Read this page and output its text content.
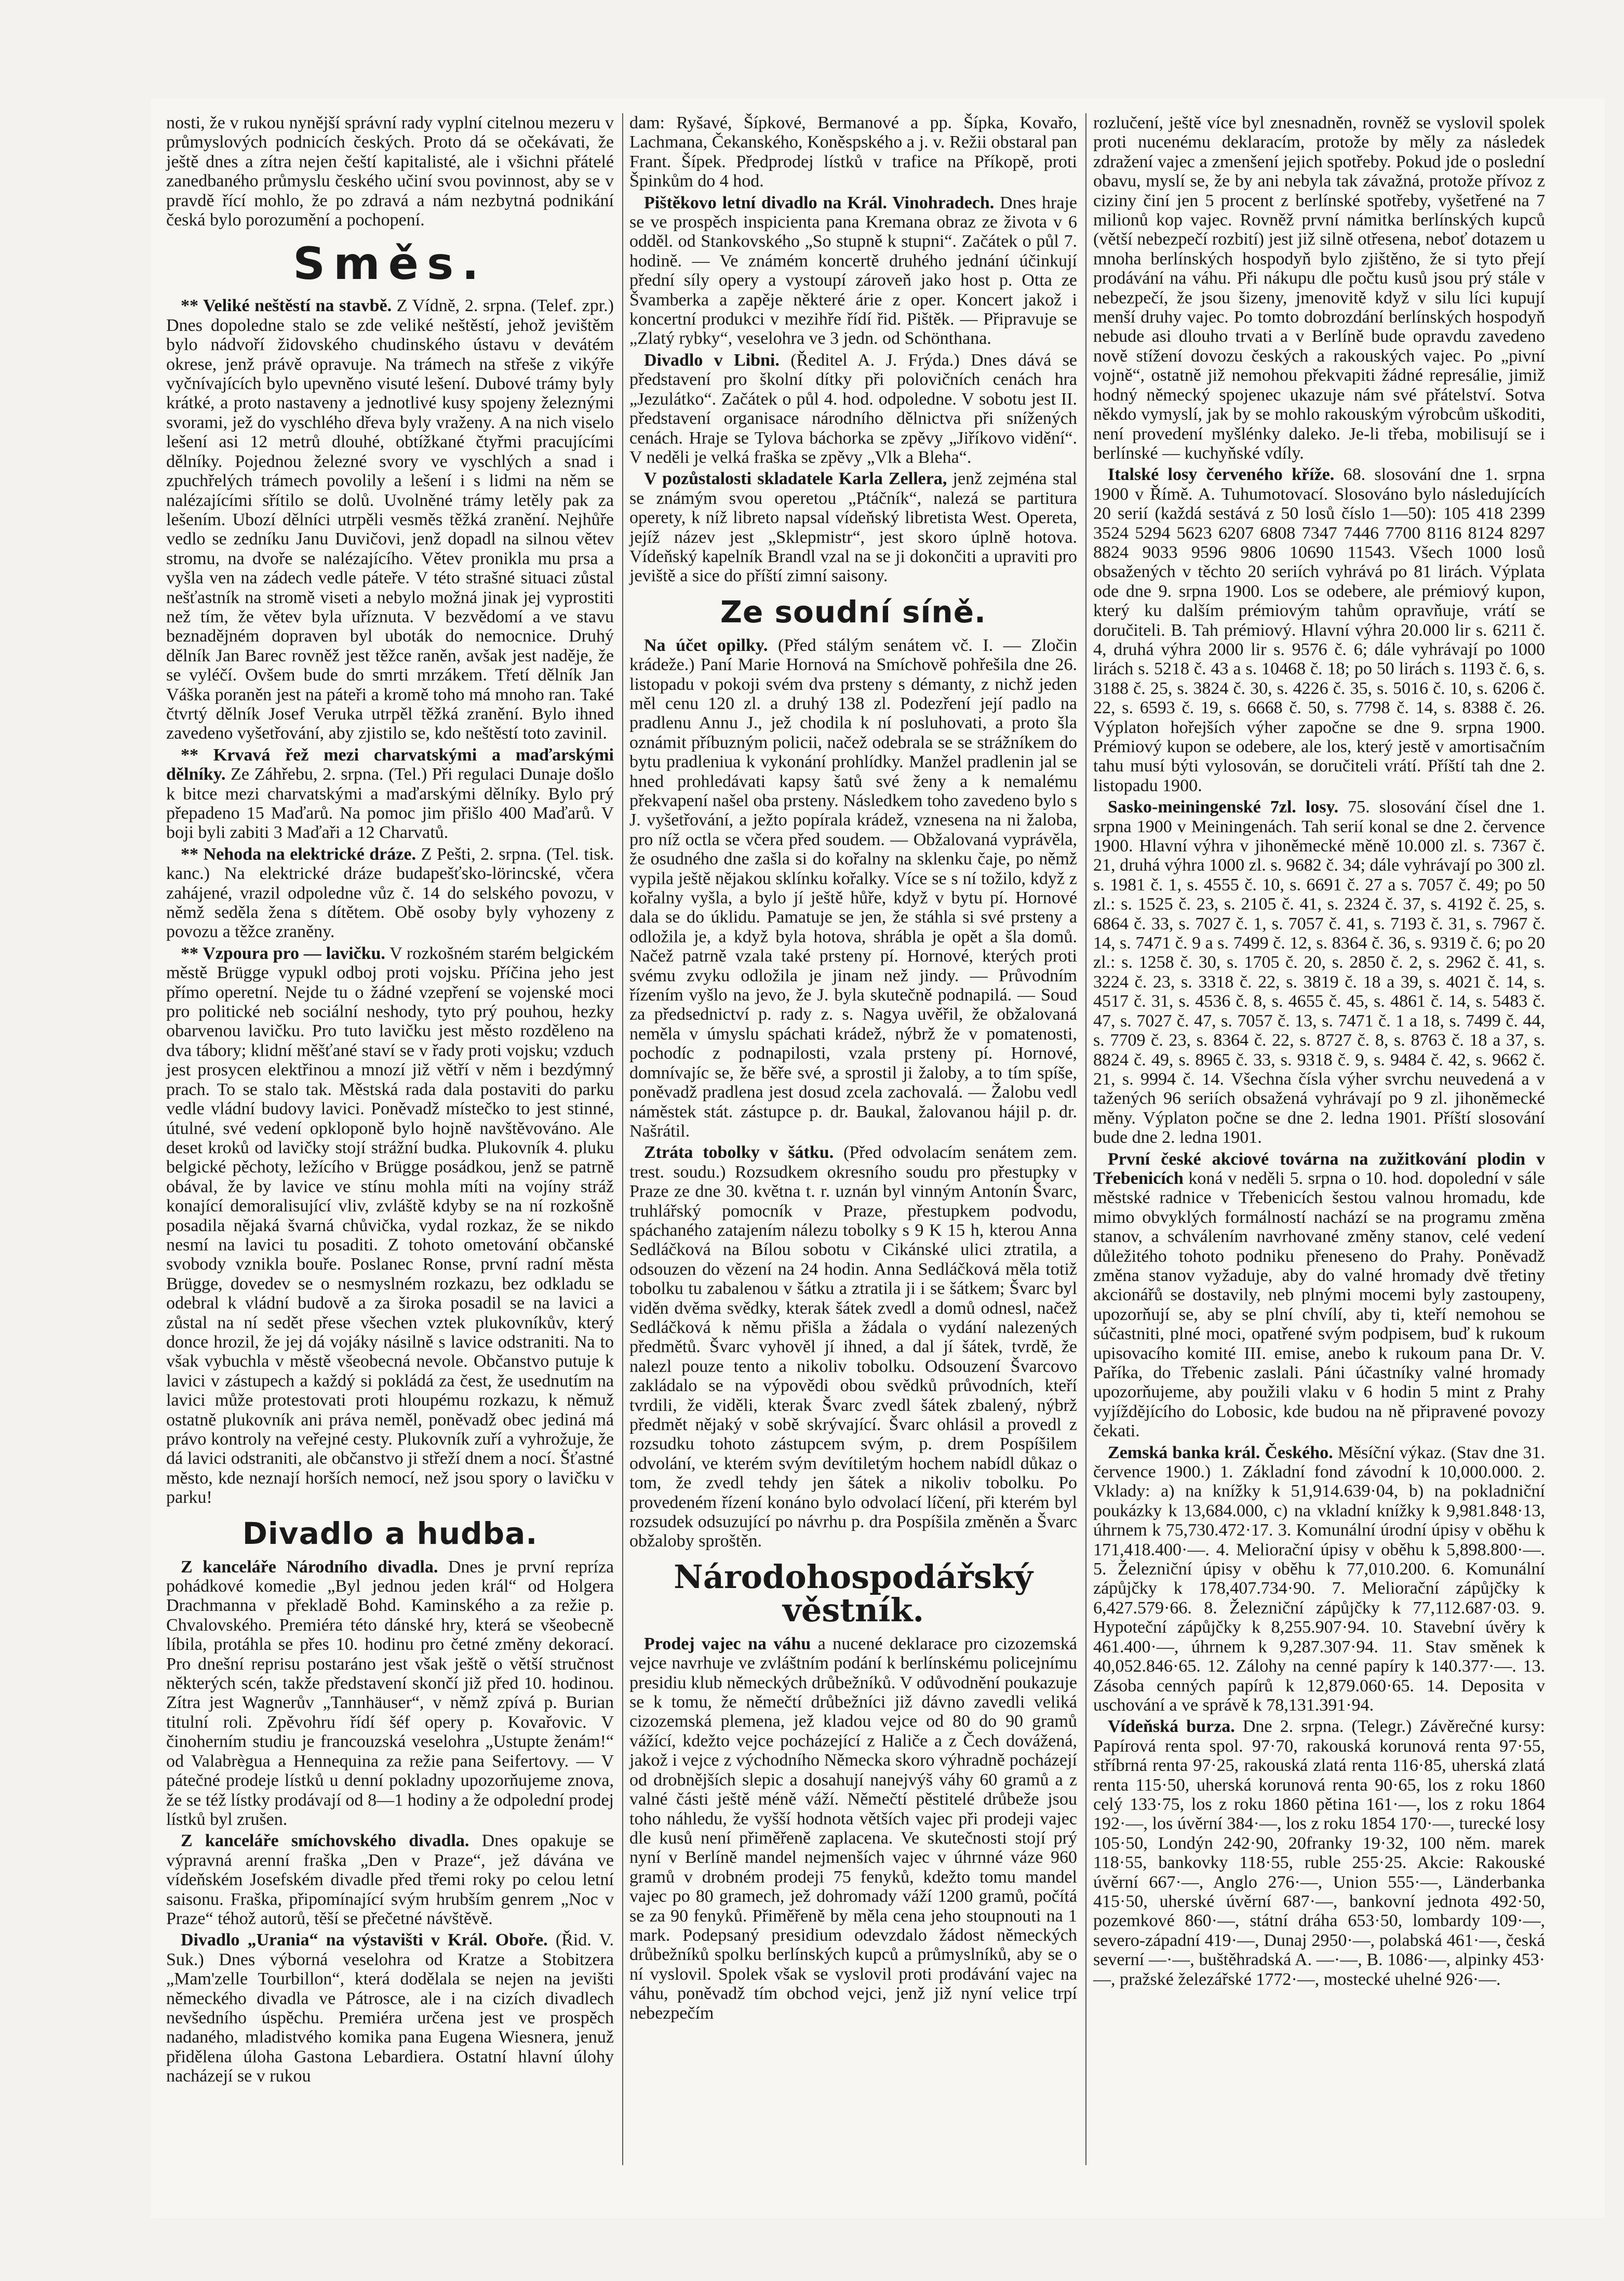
nosti, že v rukou nynější správní rady vyplní citelnou mezeru v průmyslových podnicích českých. Proto dá se očekávati, že ještě dnes a zítra nejen čeští kapitalisté, ale i všichni přátelé zanedbaného průmyslu českého učiní svou povinnost, aby se v pravdě řící mohlo, že po zdravá a nám nezbytná podnikání česká bylo porozumění a pochopení.

Směs.

** Veliké neštěstí na stavbě. Z Vídně, 2. srpna. (Telef. zpr.) Dnes dopoledne stalo se zde veliké neštěstí, jehož jevištěm bylo nádvoří židovského chudinského ústavu v devátém okrese, jenž právě opravuje. Na trámech na střeše z vikýře vyčnívajících bylo upevněno visuté lešení. Dubové trámy byly krátké, a proto nastaveny a jednotlivé kusy spojeny železnými svorami, jež do vyschlého dřeva byly vraženy. A na nich viselo lešení asi 12 metrů dlouhé, obtížkané čtyřmi pracujícími dělníky. Pojednou železné svory ve vyschlých a snad i zpuchřelých trámech povolily a lešení i s lidmi na něm se nalézajícími sřítilo se dolů. Uvolněné trámy letěly pak za lešením. Ubozí dělníci utrpěli vesměs těžká zranění. Nejhůře vedlo se zedníku Janu Duvičovi, jenž dopadl na silnou větev stromu, na dvoře se nalézajícího. Větev pronikla mu prsa a vyšla ven na zádech vedle páteře. V této strašné situaci zůstal nešťastník na stromě viseti a nebylo možná jinak jej vyprostiti než tím, že větev byla uříznuta. V bezvědomí a ve stavu beznadějném dopraven byl uboták do nemocnice. Druhý dělník Jan Barec rovněž jest těžce raněn, avšak jest naděje, že se vyléčí. Ovšem bude do smrti mrzákem. Třetí dělník Jan Váška poraněn jest na páteři a kromě toho má mnoho ran. Také čtvrtý dělník Josef Veruka utrpěl těžká zranění. Bylo ihned zavedeno vyšetřování, aby zjistilo se, kdo neštěstí toto zavinil.

** Krvavá řež mezi charvatskými a maďarskými dělníky. Ze Záhřebu, 2. srpna. (Tel.) Při regulaci Dunaje došlo k bitce mezi charvatskými a maďarskými dělníky. Bylo prý přepadeno 15 Maďarů. Na pomoc jim přišlo 400 Maďarů. V boji byli zabiti 3 Maďaři a 12 Charvatů.

** Nehoda na elektrické dráze. Z Pešti, 2. srpna. (Tel. tisk. kanc.) Na elektrické dráze budapešťsko-lörincské, včera zahájené, vrazil odpoledne vůz č. 14 do selského povozu, v němž seděla žena s dítětem. Obě osoby byly vyhozeny z povozu a těžce zraněny.

** Vzpoura pro — lavičku. V rozkošném starém belgickém městě Brügge vypukl odboj proti vojsku. Příčina jeho jest přímo operetní. Nejde tu o žádné vzepření se vojenské moci pro politické neb sociální neshody, tyto prý pouhou, hezky obarvenou lavičku. Pro tuto lavičku jest město rozděleno na dva tábory; klidní měšťané staví se v řady proti vojsku; vzduch jest prosycen elektřinou a mnozí již větří v něm i bezdýmný prach. To se stalo tak. Městská rada dala postaviti do parku vedle vládní budovy lavici. Poněvadž místečko to jest stinné, útulné, své vedení opkloponě bylo hojně navštěvováno. Ale deset kroků od lavičky stojí strážní budka. Plukovník 4. pluku belgické pěchoty, ležícího v Brügge posádkou, jenž se patrně obával, že by lavice ve stínu mohla míti na vojíny stráž konající demoralisující vliv, zvláště kdyby se na ní rozkošně posadila nějaká švarná chůvička, vydal rozkaz, že se nikdo nesmí na lavici tu posaditi. Z tohoto ometování občanské svobody vznikla bouře. Poslanec Ronse, první radní města Brügge, dovedev se o nesmyslném rozkazu, bez odkladu se odebral k vládní budově a za široka posadil se na lavici a zůstal na ní sedět přese všechen vztek plukovníkův, který donce hrozil, že jej dá vojáky násilně s lavice odstraniti. Na to však vybuchla v městě všeobecná nevole. Občanstvo putuje k lavici v zástupech a každý si pokládá za čest, že usednutím na lavici může protestovati proti hloupému rozkazu, k němuž ostatně plukovník ani práva neměl, poněvadž obec jediná má právo kontroly na veřejné cesty. Plukovník zuří a vyhrožuje, že dá lavici odstraniti, ale občanstvo ji střeží dnem a nocí. Šťastné město, kde neznají horších nemocí, než jsou spory o lavičku v parku!

Divadlo a hudba.

Z kanceláře Národního divadla. Dnes je první repríza pohádkové komedie „Byl jednou jeden král“ od Holgera Drachmanna v překladě Bohd. Kaminského a za režie p. Chvalovského. Premiéra této dánské hry, která se všeobecně líbila, protáhla se přes 10. hodinu pro četné změny dekorací. Pro dnešní reprisu postaráno jest však ještě o větší stručnost některých scén, takže představení skončí již před 10. hodinou. Zítra jest Wagnerův „Tannhäuser“, v němž zpívá p. Burian titulní roli. Zpěvohru řídí šéf opery p. Kovařovic. V činoherním studiu je francouzská veselohra „Ustupte ženám!“ od Valabrègua a Hennequina za režie pana Seifertovy. — V pátečné prodeje lístků u denní pokladny upozorňujeme znova, že se též lístky prodávají od 8—1 hodiny a že odpolední prodej lístků byl zrušen.

Z kanceláře smíchovského divadla. Dnes opakuje se výpravná arenní fraška „Den v Praze“, jež dávána ve vídeňském Josefském divadle před třemi roky po celou letní saisonu. Fraška, připomínající svým hrubším genrem „Noc v Praze“ téhož autorů, těší se přečetné návštěvě.

Divadlo „Urania“ na výstavišti v Král. Oboře. (Řid. V. Suk.) Dnes výborná veselohra od Kratze a Stobitzera „Mam'zelle Tourbillon“, která dodělala se nejen na jevišti německého divadla ve Pátrosce, ale i na cizích divadlech nevšedního úspěchu. Premiéra určena jest ve prospěch nadaného, mladistvého komika pana Eugena Wiesnera, jenuž přidělena úloha Gastona Lebardiera. Ostatní hlavní úlohy nacházejí se v rukou

dam: Ryšavé, Šípkové, Bermanové a pp. Šípka, Kovařo, Lachmana, Čekanského, Koněspského a j. v. Režii obstaral pan Frant. Šípek. Předprodej lístků v trafice na Příkopě, proti Špinkům do 4 hod.

Pištěkovo letní divadlo na Král. Vinohradech. Dnes hraje se ve prospěch inspicienta pana Kremana obraz ze života v 6 odděl. od Stankovského „So stupně k stupni“. Začátek o půl 7. hodině. — Ve známém koncertě druhého jednání účinkují přední síly opery a vystoupí zároveň jako host p. Otta ze Švamberka a zapěje některé árie z oper. Koncert jakož i koncertní produkci v mezihře řídí řid. Pištěk. — Připravuje se „Zlatý rybky“, veselohra ve 3 jedn. od Schönthana.

Divadlo v Libni. (Ředitel A. J. Frýda.) Dnes dává se představení pro školní dítky při polovičních cenách hra „Jezulátko“. Začátek o půl 4. hod. odpoledne. V sobotu jest II. představení organisace národního dělnictva při snížených cenách. Hraje se Tylova báchorka se zpěvy „Jiříkovo vidění“. V neděli je velká fraška se zpěvy „Vlk a Bleha“.

V pozůstalosti skladatele Karla Zellera, jenž zejména stal se známým svou operetou „Ptáčník“, nalezá se partitura operety, k níž libreto napsal vídeňský libretista West. Opereta, jejíž název jest „Sklepmistr“, jest skoro úplně hotova. Vídeňský kapelník Brandl vzal na se ji dokončiti a upraviti pro jeviště a sice do příští zimní saisony.

Ze soudní síně.

Na účet opilky. (Před stálým senátem vč. I. — Zločin krádeže.) Paní Marie Hornová na Smíchově pohřešila dne 26. listopadu v pokoji svém dva prsteny s démanty, z nichž jeden měl cenu 120 zl. a druhý 138 zl. Podezření její padlo na pradlenu Annu J., jež chodila k ní posluhovati, a proto šla oznámit příbuzným policii, načež odebrala se se strážníkem do bytu pradleniua k vykonání prohlídky. Manžel pradlenin jal se hned prohledávati kapsy šatů své ženy a k nemalému překvapení našel oba prsteny. Následkem toho zavedeno bylo s J. vyšetřování, a ježto popírala krádež, vznesena na ni žaloba, pro níž octla se včera před soudem. — Obžalovaná vyprávěla, že osudného dne zašla si do kořalny na sklenku čaje, po němž vypila ještě nějakou sklínku kořalky. Více se s ní tožilo, když z kořalny vyšla, a bylo jí ještě hůře, když v bytu pí. Hornové dala se do úklidu. Pamatuje se jen, že stáhla si své prsteny a odložila je, a když byla hotova, shrábla je opět a šla domů. Načež patrně vzala také prsteny pí. Hornové, kterých proti svému zvyku odložila je jinam než jindy. — Průvodním řízením vyšlo na jevo, že J. byla skutečně podnapilá. — Soud za předsednictví p. rady z. s. Nagya uvěřil, že obžalovaná neměla v úmyslu spáchati krádež, nýbrž že v pomatenosti, pochodíc z podnapilosti, vzala prsteny pí. Hornové, domnívajíc se, že běře své, a sprostil ji žaloby, a to tím spíše, poněvadž pradlena jest dosud zcela zachovalá. — Žalobu vedl náměstek stát. zástupce p. dr. Baukal, žalovanou hájil p. dr. Našrátil.

Ztráta tobolky v šátku. (Před odvolacím senátem zem. trest. soudu.) Rozsudkem okresního soudu pro přestupky v Praze ze dne 30. května t. r. uznán byl vinným Antonín Švarc, truhlářský pomocník v Praze, přestupkem podvodu, spáchaného zatajením nálezu tobolky s 9 K 15 h, kterou Anna Sedláčková na Bílou sobotu v Cikánské ulici ztratila, a odsouzen do vězení na 24 hodin. Anna Sedláčková měla totiž tobolku tu zabalenou v šátku a ztratila ji i se šátkem; Švarc byl viděn dvěma svědky, kterak šátek zvedl a domů odnesl, načež Sedláčková k němu přišla a žádala o vydání nalezených předmětů. Švarc vyhověl jí ihned, a dal jí šátek, tvrdě, že nalezl pouze tento a nikoliv tobolku. Odsouzení Švarcovo zakládalo se na výpovědi obou svědků průvodních, kteří tvrdili, že viděli, kterak Švarc zvedl šátek zbalený, nýbrž předmět nějaký v sobě skrývající. Švarc ohlásil a provedl z rozsudku tohoto zástupcem svým, p. drem Pospíšilem odvolání, ve kterém svým devítiletým hochem nabídl důkaz o tom, že zvedl tehdy jen šátek a nikoliv tobolku. Po provedeném řízení konáno bylo odvolací líčení, při kterém byl rozsudek odsuzující po návrhu p. dra Pospíšila změněn a Švarc obžaloby sproštěn.

Národohospodářský věstník.

Prodej vajec na váhu a nucené deklarace pro cizozemská vejce navrhuje ve zvláštním podání k berlínskému policejnímu presidiu klub německých drůbežníků. V odůvodnění poukazuje se k tomu, že němečtí drůbežníci již dávno zavedli veliká cizozemská plemena, jež kladou vejce od 80 do 90 gramů vážící, kdežto vejce pocházející z Haliče a z Čech dovážená, jakož i vejce z východního Německa skoro výhradně pocházejí od drobnějších slepic a dosahují nanejvýš váhy 60 gramů a z valné části ještě méně váží. Němečtí pěstitelé drůbeže jsou toho náhledu, že vyšší hodnota větších vajec při prodeji vajec dle kusů není přiměřeně zaplacena. Ve skutečnosti stojí prý nyní v Berlíně mandel nejmenších vajec v úhrnné váze 960 gramů v drobném prodeji 75 fenyků, kdežto tomu mandel vajec po 80 gramech, jež dohromady váží 1200 gramů, počítá se za 90 fenyků. Přiměřeně by měla cena jeho stoupnouti na 1 mark. Podepsaný presidium odevzdalo žádost německých drůbežníků spolku berlínských kupců a průmyslníků, aby se o ní vyslovil. Spolek však se vyslovil proti prodávání vajec na váhu, poněvadž tím obchod vejci, jenž již nyní velice trpí nebezpečím

rozlučení, ještě více byl znesnadněn, rovněž se vyslovil spolek proti nucenému deklaracím, protože by měly za následek zdražení vajec a zmenšení jejich spotřeby. Pokud jde o poslední obavu, myslí se, že by ani nebyla tak závažná, protože přívoz z ciziny činí jen 5 procent z berlínské spotřeby, vyšetřené na 7 milionů kop vajec. Rovněž první námitka berlínských kupců (větší nebezpečí rozbití) jest již silně otřesena, neboť dotazem u mnoha berlínských hospodyň bylo zjištěno, že si tyto přejí prodávání na váhu. Při nákupu dle počtu kusů jsou prý stále v nebezpečí, že jsou šizeny, jmenovitě když v silu líci kupují menší druhy vajec. Po tomto dobrozdání berlínských hospodyň nebude asi dlouho trvati a v Berlíně bude opravdu zavedeno nově stížení dovozu českých a rakouských vajec. Po „pivní vojně“, ostatně již nemohou překvapiti žádné represálie, jimiž hodný německý spojenec ukazuje nám své přátelství. Sotva někdo vymyslí, jak by se mohlo rakouským výrobcům uškoditi, není provedení myšlénky daleko. Je-li třeba, mobilisují se i berlínské — kuchyňské vdíly.

Italské losy červeného kříže. 68. slosování dne 1. srpna 1900 v Římě. A. Tuhumotovací. Slosováno bylo následujících 20 serií (každá sestává z 50 losů číslo 1—50): 105 418 2399 3524 5294 5623 6207 6808 7347 7446 7700 8116 8124 8297 8824 9033 9596 9806 10690 11543. Všech 1000 losů obsažených v těchto 20 seriích vyhrává po 81 lirách. Výplata ode dne 9. srpna 1900. Los se odebere, ale prémiový kupon, který ku dalším prémiovým tahům opravňuje, vrátí se doručiteli. B. Tah prémiový. Hlavní výhra 20.000 lir s. 6211 č. 4, druhá výhra 2000 lir s. 9576 č. 6; dále vyhrávají po 1000 lirách s. 5218 č. 43 a s. 10468 č. 18; po 50 lirách s. 1193 č. 6, s. 3188 č. 25, s. 3824 č. 30, s. 4226 č. 35, s. 5016 č. 10, s. 6206 č. 22, s. 6593 č. 19, s. 6668 č. 50, s. 7798 č. 14, s. 8388 č. 26. Výplaton hořejších výher započne se dne 9. srpna 1900. Prémiový kupon se odebere, ale los, který jestě v amortisačním tahu musí býti vylosován, se doručiteli vrátí. Příští tah dne 2. listopadu 1900.

Sasko-meiningenské 7zl. losy. 75. slosování čísel dne 1. srpna 1900 v Meiningenách. Tah serií konal se dne 2. července 1900. Hlavní výhra v jihoněmecké měně 10.000 zl. s. 7367 č. 21, druhá výhra 1000 zl. s. 9682 č. 34; dále vyhrávají po 300 zl. s. 1981 č. 1, s. 4555 č. 10, s. 6691 č. 27 a s. 7057 č. 49; po 50 zl.: s. 1525 č. 23, s. 2105 č. 41, s. 2324 č. 37, s. 4192 č. 25, s. 6864 č. 33, s. 7027 č. 1, s. 7057 č. 41, s. 7193 č. 31, s. 7967 č. 14, s. 7471 č. 9 a s. 7499 č. 12, s. 8364 č. 36, s. 9319 č. 6; po 20 zl.: s. 1258 č. 30, s. 1705 č. 20, s. 2850 č. 2, s. 2962 č. 41, s. 3224 č. 23, s. 3318 č. 22, s. 3819 č. 18 a 39, s. 4021 č. 14, s. 4517 č. 31, s. 4536 č. 8, s. 4655 č. 45, s. 4861 č. 14, s. 5483 č. 47, s. 7027 č. 47, s. 7057 č. 13, s. 7471 č. 1 a 18, s. 7499 č. 44, s. 7709 č. 23, s. 8364 č. 22, s. 8727 č. 8, s. 8763 č. 18 a 37, s. 8824 č. 49, s. 8965 č. 33, s. 9318 č. 9, s. 9484 č. 42, s. 9662 č. 21, s. 9994 č. 14. Všechna čísla výher svrchu neuvedená a v tažených 96 seriích obsažená vyhrávají po 9 zl. jihoněmecké měny. Výplaton počne se dne 2. ledna 1901. Příští slosování bude dne 2. ledna 1901.

První české akciové továrna na zužitkování plodin v Třebenicích koná v neděli 5. srpna o 10. hod. dopolední v sále městské radnice v Třebenicích šestou valnou hromadu, kde mimo obvyklých formálností nachází se na programu změna stanov, a schválením navrhované změny stanov, celé vedení důležitého tohoto podniku přeneseno do Prahy. Poněvadž změna stanov vyžaduje, aby do valné hromady dvě třetiny akcionářů se dostavily, neb plnými mocemi byly zastoupeny, upozorňují se, aby se plní chvílí, aby ti, kteří nemohou se súčastniti, plné moci, opatřené svým podpisem, buď k rukoum upisovacího komité III. emise, anebo k rukoum pana Dr. V. Paříka, do Třebenic zaslali. Páni účastníky valné hromady upozorňujeme, aby použili vlaku v 6 hodin 5 mint z Prahy vyjíždějícího do Lobosic, kde budou na ně připravené povozy čekati.

Zemská banka král. Českého. Měsíční výkaz. (Stav dne 31. července 1900.) 1. Základní fond závodní k 10,000.000. 2. Vklady: a) na knížky k 51,914.639·04, b) na pokladniční poukázky k 13,684.000, c) na vkladní knížky k 9,981.848·13, úhrnem k 75,730.472·17. 3. Komunální úrodní úpisy v oběhu k 171,418.400·—. 4. Meliorační úpisy v oběhu k 5,898.800·—. 5. Železniční úpisy v oběhu k 77,010.200. 6. Komunální zápůjčky k 178,407.734·90. 7. Meliorační zápůjčky k 6,427.579·66. 8. Železniční zápůjčky k 77,112.687·03. 9. Hypoteční zápůjčky k 8,255.907·94. 10. Stavební úvěry k 461.400·—, úhrnem k 9,287.307·94. 11. Stav směnek k 40,052.846·65. 12. Zálohy na cenné papíry k 140.377·—. 13. Zásoba cenných papírů k 12,879.060·65. 14. Deposita v uschování a ve správě k 78,131.391·94.

Vídeňská burza. Dne 2. srpna. (Telegr.) Závěrečné kursy: Papírová renta spol. 97·70, rakouská korunová renta 97·55, stříbrná renta 97·25, rakouská zlatá renta 116·85, uherská zlatá renta 115·50, uherská korunová renta 90·65, los z roku 1860 celý 133·75, los z roku 1860 pětina 161·—, los z roku 1864 192·—, los úvěrní 384·—, los z roku 1854 170·—, turecké losy 105·50, Londýn 242·90, 20franky 19·32, 100 něm. marek 118·55, bankovky 118·55, ruble 255·25. Akcie: Rakouské úvěrní 667·—, Anglo 276·—, Union 555·—, Länderbanka 415·50, uherské úvěrní 687·—, bankovní jednota 492·50, pozemkové 860·—, státní dráha 653·50, lombardy 109·—, severo-západní 419·—, Dunaj 2950·—, polabská 461·—, česká severní —·—, buštěhradská A. —·—, B. 1086·—, alpinky 453·—, pražské železářské 1772·—, mostecké uhelné 926·—.
